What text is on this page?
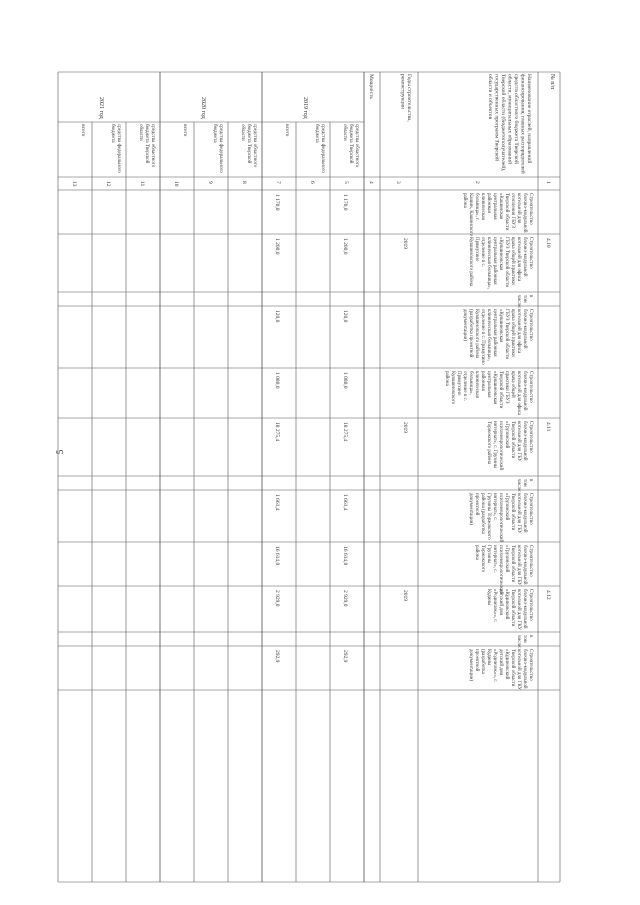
5
№ п/п
Наименование отраслей, направленийфинансирования, главных распорядителейсредств областного бюджета Тверскойобласти, муниципальных образованийТверской области (бюджетополучателей),государственных программ Тверскойобласти и объектов
Годы строительства,реконструкции
Мощность
2019 год
2020 год
2021 год
средства областногобюджета Тверскойобласти
средства федеральногобюджета
всего
средства областногобюджета Тверскойобласти
средства федеральногобюджета
всего
средства областногобюджета Тверскойобласти
средства федеральногобюджета
всего
1
2
3
4
5
6
7
8
9
10
11
12
13
Строительствоблочно-модульнойкотельной дляотопления ГБУЗТверской области«Кашинскаяцентральнаярайоннаяклиническаябольница», г.Кашин, Кашинскогорайона
1 170,0
1 170,0
4.10
Строительствоблочно-модульнойкотельной для офисаврача общей практикиГБУЗ Тверской области«Кувшиновскаяцентральная районнаяклиническая больница»,отделение в с.ПрямухиноКувшиновского района
2019
1 200,0
1 200,0
втомчисле:
Строительствоблочно-модульнойкотельной для офисаврача общей практикиГБУЗ Тверской области«Кувшиновскаяцентральная районнаяклиническая больница»,отделение в с. ПрямухиноКувшиновского района(разработка проектнойдокументации)
120,0
120,0
Строительствоблочно-модульнойкотельной для офисаврача общейпрактики ГБУЗТверской области«Кувшиновскаяцентральнаярайоннаяклиническаябольница»,отделение в с.ПрямухиноКувшиновскогорайона
1 080,0
1 080,0
4.11
Строительствоблочно-модульнойкотельной для ГБУТверской области«Грузинскийпсихоневрологическийинтернат», с. ГрузиныТоржокского района
2019
18 275,4
18 275,4
втомчисле:
Строительствоблочно-модульнойкотельной для ГБУТверской области«Грузинскийпсихоневрологическийинтернат», с.Грузины Торжокскогорайона (разработкапроектнойдокументации)
1 661,4
1 661,4
Строительствоблочно-модульнойкотельной для ГБУТверской области«Грузинскийпсихоневрологическийинтернат», с.ГрузиныТоржокскогорайона
16 614,0
16 614,0
4.12
Строительствоблочно-модульнойкотельной для ГКУТверской области«Кудиновскийдетский дом«Родничок»», г.Кудины
2019
2 929,0
2 929,0
втомчисле:
Строительствоблочно-модульнойкотельной для ГКУТверской области«Кудиновскийдетский дом«Родничок»», г.Кудины(разработкапроектнойдокументации)
292,9
292,9
